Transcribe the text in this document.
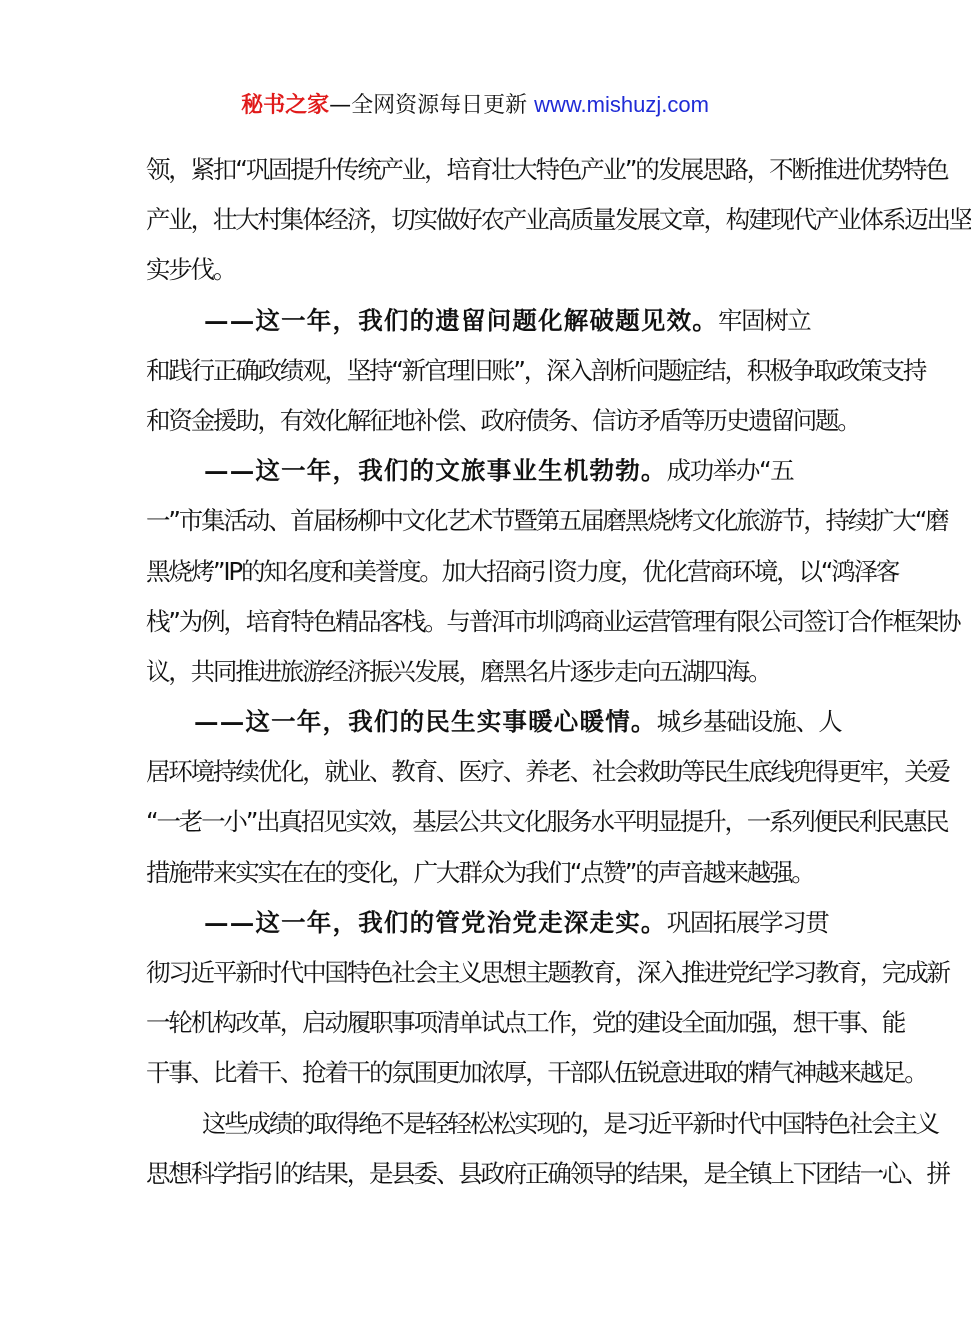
秘书之家—全网资源每日更新 www.mishuzj.com
领，紧扣“巩固提升传统产业，培育壮大特色产业”的发展思路，不断推进优势特色
产业，壮大村集体经济，切实做好农产业高质量发展文章，构建现代产业体系迈出坚
实步伐。
——这一年，我们的遗留问题化解破题见效。牢固树立
和践行正确政绩观，坚持“新官理旧账”，深入剖析问题症结，积极争取政策支持
和资金援助，有效化解征地补偿、政府债务、信访矛盾等历史遗留问题。
——这一年，我们的文旅事业生机勃勃。成功举办“五
一”市集活动、首届杨柳中文化艺术节暨第五届磨黑烧烤文化旅游节，持续扩大“磨
黑烧烤”IP的知名度和美誉度。加大招商引资力度，优化营商环境，以“鸿泽客
栈”为例，培育特色精品客栈。与普洱市圳鸿商业运营管理有限公司签订合作框架协
议，共同推进旅游经济振兴发展，磨黑名片逐步走向五湖四海。
——这一年，我们的民生实事暖心暖情。城乡基础设施、人
居环境持续优化，就业、教育、医疗、养老、社会救助等民生底线兜得更牢，关爱
“一老一小”出真招见实效，基层公共文化服务水平明显提升，一系列便民利民惠民
措施带来实实在在的变化，广大群众为我们“点赞”的声音越来越强。
——这一年，我们的管党治党走深走实。巩固拓展学习贯
彻习近平新时代中国特色社会主义思想主题教育，深入推进党纪学习教育，完成新
一轮机构改革，启动履职事项清单试点工作，党的建设全面加强，想干事、能
干事、比着干、抢着干的氛围更加浓厚，干部队伍锐意进取的精气神越来越足。
这些成绩的取得绝不是轻轻松松实现的，是习近平新时代中国特色社会主义
思想科学指引的结果，是县委、县政府正确领导的结果，是全镇上下团结一心、拼
